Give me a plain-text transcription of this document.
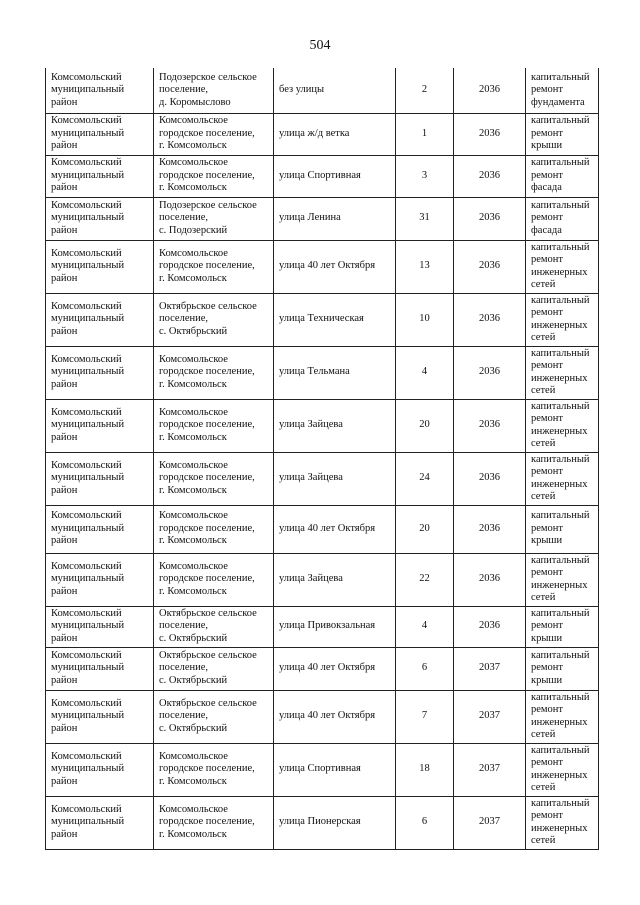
504
Комсомольский
муниципальный
район	Подозерское сельское
поселение,
д. Коромыслово	без улицы	2	2036	капитальный
ремонт
фундамента
Комсомольский
муниципальный
район	Комсомольское
городское поселение,
г. Комсомольск	улица ж/д ветка	1	2036	капитальный
ремонт крыши
Комсомольский
муниципальный
район	Комсомольское
городское поселение,
г. Комсомольск	улица Спортивная	3	2036	капитальный
ремонт фасада
Комсомольский
муниципальный
район	Подозерское сельское
поселение,
с. Подозерский	улица Ленина	31	2036	капитальный
ремонт фасада
Комсомольский
муниципальный
район	Комсомольское
городское поселение,
г. Комсомольск	улица 40 лет Октября	13	2036	капитальный
ремонт
инженерных
сетей
Комсомольский
муниципальный
район	Октябрьское сельское
поселение,
с. Октябрьский	улица Техническая	10	2036	капитальный
ремонт
инженерных
сетей
Комсомольский
муниципальный
район	Комсомольское
городское поселение,
г. Комсомольск	улица Тельмана	4	2036	капитальный
ремонт
инженерных
сетей
Комсомольский
муниципальный
район	Комсомольское
городское поселение,
г. Комсомольск	улица Зайцева	20	2036	капитальный
ремонт
инженерных
сетей
Комсомольский
муниципальный
район	Комсомольское
городское поселение,
г. Комсомольск	улица Зайцева	24	2036	капитальный
ремонт
инженерных
сетей
Комсомольский
муниципальный
район	Комсомольское
городское поселение,
г. Комсомольск	улица 40 лет Октября	20	2036	капитальный
ремонт крыши
Комсомольский
муниципальный
район	Комсомольское
городское поселение,
г. Комсомольск	улица Зайцева	22	2036	капитальный
ремонт
инженерных
сетей
Комсомольский
муниципальный
район	Октябрьское сельское
поселение,
с. Октябрьский	улица Привокзальная	4	2036	капитальный
ремонт крыши
Комсомольский
муниципальный
район	Октябрьское сельское
поселение,
с. Октябрьский	улица 40 лет Октября	6	2037	капитальный
ремонт крыши
Комсомольский
муниципальный
район	Октябрьское сельское
поселение,
с. Октябрьский	улица 40 лет Октября	7	2037	капитальный
ремонт
инженерных
сетей
Комсомольский
муниципальный
район	Комсомольское
городское поселение,
г. Комсомольск	улица Спортивная	18	2037	капитальный
ремонт
инженерных
сетей
Комсомольский
муниципальный
район	Комсомольское
городское поселение,
г. Комсомольск	улица Пионерская	6	2037	капитальный
ремонт
инженерных
сетей
